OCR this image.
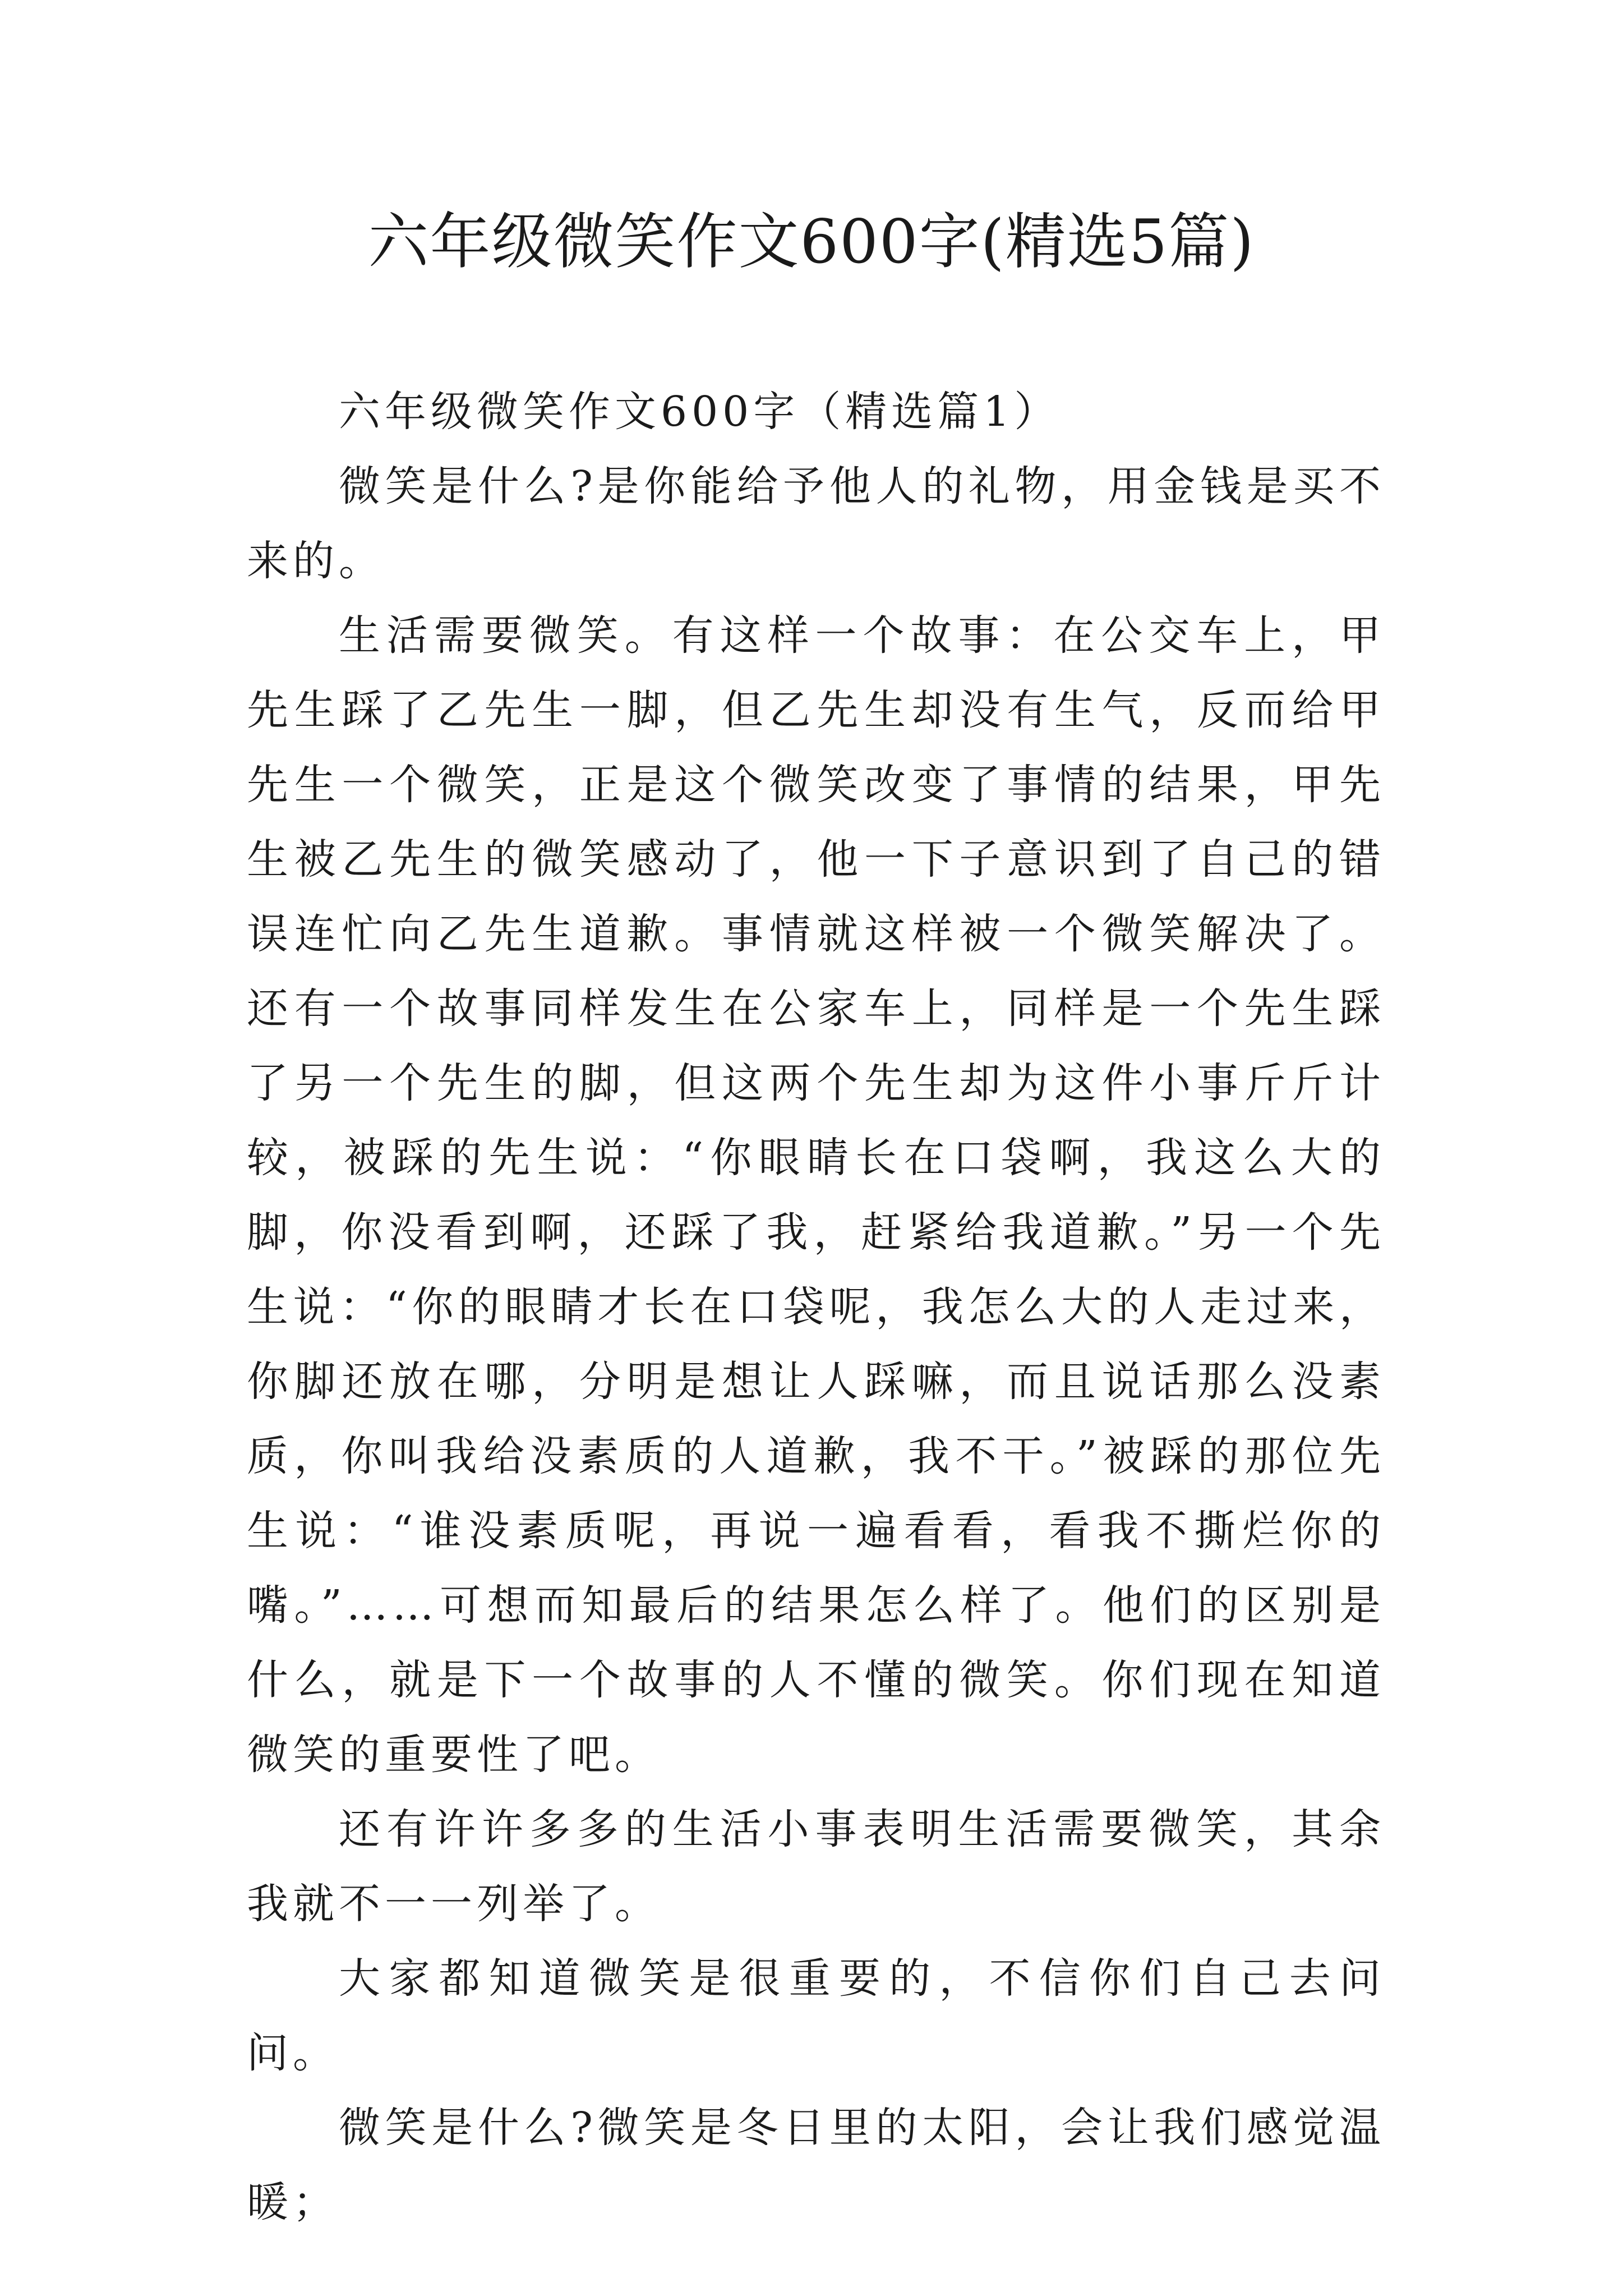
六年级微笑作文600字(精选5篇)

六年级微笑作文600字（精选篇1）

微笑是什么?是你能给予他人的礼物，用金钱是买不来的。

生活需要微笑。有这样一个故事：在公交车上，甲先生踩了乙先生一脚，但乙先生却没有生气，反而给甲先生一个微笑，正是这个微笑改变了事情的结果，甲先生被乙先生的微笑感动了，他一下子意识到了自己的错误连忙向乙先生道歉。事情就这样被一个微笑解决了。还有一个故事同样发生在公家车上，同样是一个先生踩了另一个先生的脚，但这两个先生却为这件小事斤斤计较，被踩的先生说：“你眼睛长在口袋啊，我这么大的脚，你没看到啊，还踩了我，赶紧给我道歉。”另一个先生说：“你的眼睛才长在口袋呢，我怎么大的人走过来，你脚还放在哪，分明是想让人踩嘛，而且说话那么没素质，你叫我给没素质的人道歉，我不干。”被踩的那位先生说：“谁没素质呢，再说一遍看看，看我不撕烂你的嘴。”……可想而知最后的结果怎么样了。他们的区别是什么，就是下一个故事的人不懂的微笑。你们现在知道微笑的重要性了吧。

还有许许多多的生活小事表明生活需要微笑，其余我就不一一列举了。

大家都知道微笑是很重要的，不信你们自己去问问。

微笑是什么?微笑是冬日里的太阳，会让我们感觉温暖；
